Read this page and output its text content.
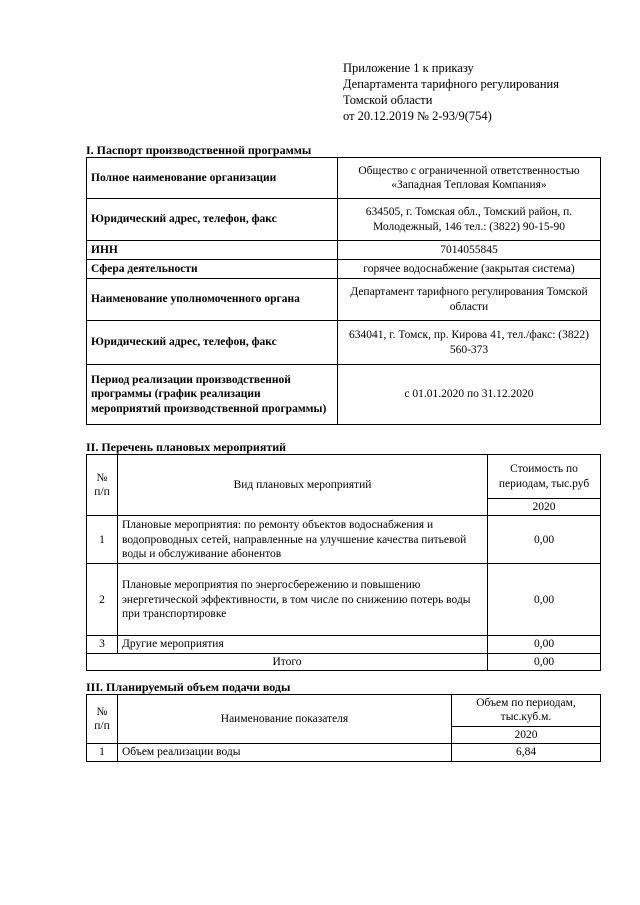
Приложение 1 к приказу
Департамента тарифного регулирования
Томской области
от 20.12.2019 № 2-93/9(754)
I. Паспорт производственной программы
Полное наименование организации	Общество с ограниченной ответственностью «Западная Тепловая Компания»
Юридический адрес, телефон, факс	634505, г. Томская обл., Томский район, п. Молодежный, 146 тел.: (3822) 90-15-90
ИНН	7014055845
Сфера деятельности	горячее водоснабжение (закрытая система)
Наименование уполномоченного органа	Департамент тарифного регулирования Томской области
Юридический адрес, телефон, факс	634041, г. Томск, пр. Кирова 41, тел./факс: (3822) 560-373
Период реализации производственной программы (график реализации мероприятий производственной программы)	с 01.01.2020 по 31.12.2020
II. Перечень плановых мероприятий
№ п/п	Вид плановых мероприятий	Стоимость по периодам, тыс.руб
		2020
1	Плановые мероприятия: по ремонту объектов водоснабжения и водопроводных сетей, направленные на улучшение качества питьевой воды и обслуживание абонентов	0,00
2	Плановые мероприятия по энергосбережению и повышению энергетической эффективности, в том числе по снижению потерь воды при транспортировке	0,00
3	Другие мероприятия	0,00
Итого		0,00
III. Планируемый объем подачи воды
№ п/п	Наименование показателя	Объем по периодам, тыс.куб.м.
		2020
1	Объем реализации воды	6,84
